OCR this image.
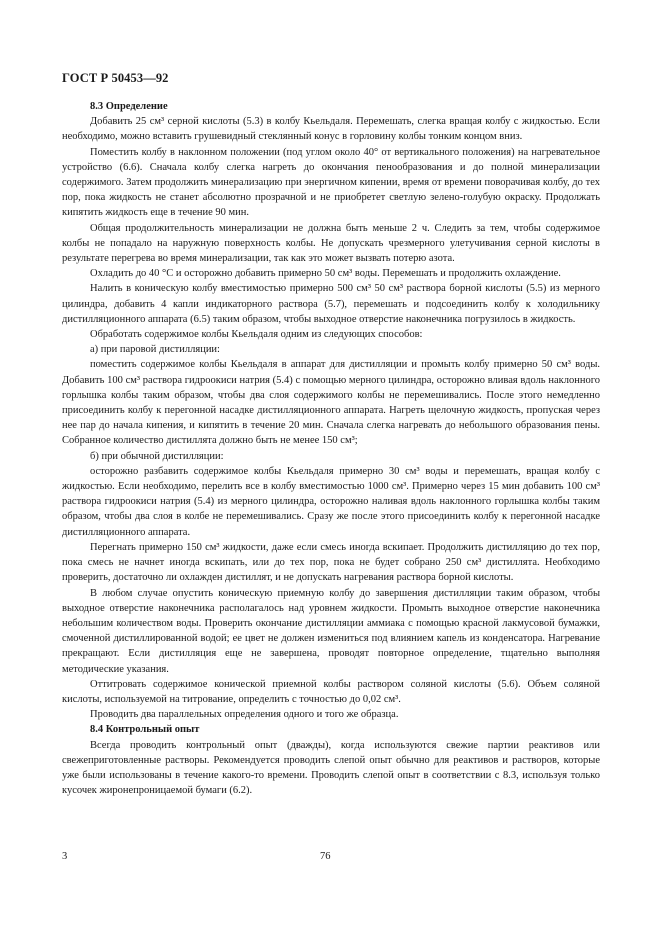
ГОСТ Р 50453—92

8.3 Определение

Добавить 25 см³ серной кислоты (5.3) в колбу Кьельдаля. Перемешать, слегка вращая колбу с жидкостью. Если необходимо, можно вставить грушевидный стеклянный конус в горловину колбы тонким концом вниз.

Поместить колбу в наклонном положении (под углом около 40° от вертикального положения) на нагревательное устройство (6.6). Сначала колбу слегка нагреть до окончания пенообразования и до полной минерализации содержимого. Затем продолжить минерализацию при энергичном кипении, время от времени поворачивая колбу, до тех пор, пока жидкость не станет абсолютно прозрачной и не приобретет светлую зелено-голубую окраску. Продолжать кипятить жидкость еще в течение 90 мин.

Общая продолжительность минерализации не должна быть меньше 2 ч. Следить за тем, чтобы содержимое колбы не попадало на наружную поверхность колбы. Не допускать чрезмерного улетучивания серной кислоты в результате перегрева во время минерализации, так как это может вызвать потерю азота.

Охладить до 40 °С и осторожно добавить примерно 50 см³ воды. Перемешать и продолжить охлаждение.

Налить в коническую колбу вместимостью примерно 500 см³ 50 см³ раствора борной кислоты (5.5) из мерного цилиндра, добавить 4 капли индикаторного раствора (5.7), перемешать и подсоединить колбу к холодильнику дистилляционного аппарата (6.5) таким образом, чтобы выходное отверстие наконечника погрузилось в жидкость.

Обработать содержимое колбы Кьельдаля одним из следующих способов:

а) при паровой дистилляции:

поместить содержимое колбы Кьельдаля в аппарат для дистилляции и промыть колбу примерно 50 см³ воды. Добавить 100 см³ раствора гидроокиси натрия (5.4) с помощью мерного цилиндра, осторожно вливая вдоль наклонного горлышка колбы таким образом, чтобы два слоя содержимого колбы не перемешивались. После этого немедленно присоединить колбу к перегонной насадке дистилляционного аппарата. Нагреть щелочную жидкость, пропуская через нее пар до начала кипения, и кипятить в течение 20 мин. Сначала слегка нагревать до небольшого образования пены. Собранное количество дистиллята должно быть не менее 150 см³;

б) при обычной дистилляции:

осторожно разбавить содержимое колбы Кьельдаля примерно 30 см³ воды и перемешать, вращая колбу с жидкостью. Если необходимо, перелить все в колбу вместимостью 1000 см³. Примерно через 15 мин добавить 100 см³ раствора гидроокиси натрия (5.4) из мерного цилиндра, осторожно наливая вдоль наклонного горлышка колбы таким образом, чтобы два слоя в колбе не перемешивались. Сразу же после этого присоединить колбу к перегонной насадке дистилляционного аппарата.

Перегнать примерно 150 см³ жидкости, даже если смесь иногда вскипает. Продолжить дистилляцию до тех пор, пока смесь не начнет иногда вскипать, или до тех пор, пока не будет собрано 250 см³ дистиллята. Необходимо проверить, достаточно ли охлажден дистиллят, и не допускать нагревания раствора борной кислоты.

В любом случае опустить коническую приемную колбу до завершения дистилляции таким образом, чтобы выходное отверстие наконечника располагалось над уровнем жидкости. Промыть выходное отверстие наконечника небольшим количеством воды. Проверить окончание дистилляции аммиака с помощью красной лакмусовой бумажки, смоченной дистиллированной водой; ее цвет не должен измениться под влиянием капель из конденсатора. Нагревание прекращают. Если дистилляция еще не завершена, проводят повторное определение, тщательно выполняя методические указания.

Оттитровать содержимое конической приемной колбы раствором соляной кислоты (5.6). Объем соляной кислоты, используемой на титрование, определить с точностью до 0,02 см³.

Проводить два параллельных определения одного и того же образца.

8.4 Контрольный опыт

Всегда проводить контрольный опыт (дважды), когда используются свежие партии реактивов или свежеприготовленные растворы. Рекомендуется проводить слепой опыт обычно для реактивов и растворов, которые уже были использованы в течение какого-то времени. Проводить слепой опыт в соответствии с 8.3, используя только кусочек жиронепроницаемой бумаги (6.2).

3	76
